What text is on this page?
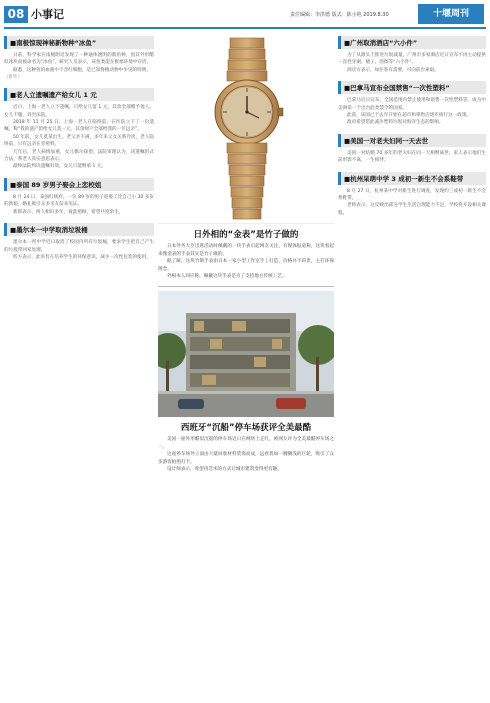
08 小事记	责任编辑：李洪德 版式：陈小艳 2019.8.30	十堰周刊
■南极惊现神秘新物种“冰鱼”

日前，科学家在南极附近发现了一种通体透明的新鱼种，因其外形酷似冰块而被命名为“冰鱼”。研究人员表示，该鱼类能在极寒环境中存活。

据悉，这种鱼的血液中不含红细胞，是已知脊椎动物中少见的特例。

（新华）

■老人立遗嘱遗产给女儿 1 元

近日，上海一老人立下遗嘱，只给女儿留 1 元，其余全部赠予他人。女儿不服，诉至法院。

2018 年 11 月 25 日，上海一老人在临终前，在医院立下了一份遗嘱，称“我的遗产留给女儿莫一元，其余财产全部给我的一位远亲”。

50 年前，女儿莫某出生。老父亲不满，多年来父女关系冷淡。老人临终前，只有远亲在旁照料。

几年后，老人病情加重，女儿偶尔探望。法院审理认为，该遗嘱形式合法，系老人真实意思表示。

最终法院判决遗嘱有效，女儿只能继承 1 元。

■泰国 89 岁男子娶会上恋校姐

8 月 24 日，泰国红统府，一位 89 岁的男子迎娶了比自己小 30 多岁的新娘，婚礼吸引众多亲友前来见证。

新郎表示，两人相识多年，彼此照顾，希望共度余生。

■墨尔本一中学取消垃圾桶

墨尔本一所中学近日取消了校园内所有垃圾桶，要求学生把自己产生的垃圾带回家处理。

校方表示，此举旨在培养学生的环保意识，减少一次性包装的使用。

日外相的“金表”是竹子做的

日本外务大臣出席活动时佩戴的一块手表引起网友关注。有媒体报道称，这块看起来像金表的手表其实是竹子做的。

据了解，这块竹制手表由日本一家小型工作室手工打造，价格并不昂贵，主打环保理念。

外相本人回应称，佩戴这块手表是为了支持地方传统工艺。

西班牙“沉船”停车场获评全美最酷

美国一座外形酷似沉船的停车场近日在网络上走红，被网友评为全美最酷停车场之一。

这座停车场外立面由大量回收材料装饰而成，远看犹如一艘搁浅的巨轮，吸引了众多游客拍照打卡。

设计师表示，希望用艺术的方式让城市建筑变得更有趣。

■广州取消酒店“六小件”

为了从源头上推进垃圾减量，广州市多家酒店近日宣布不再主动提供一次性牙刷、梳子、浴擦等“六小件”。

酒店方表示，如住客有需要，可向前台索取。

■巴拿马宣布全国禁售“一次性塑料”

巴拿马近日宣布，全国范围内禁止使用和销售一次性塑料袋，成为中美洲第一个出台此类禁令的国家。

此前，该国已于去年开始在超市和零售店逐步推行这一政策。

政府希望借此减少塑料垃圾对海洋生态的影响。

■美国一对老夫妇同一天去世

美国一对结婚 70 多年的老夫妇在同一天相继离世，家人表示他们生前形影不离，一生相伴。

■杭州呆萌中学 3 成初一新生不会系鞋带

8 月 27 日，杭州某中学对新生进行调查，发现约三成初一新生不会系鞋带。

老师表示，这反映出部分学生生活自理能力不足，学校将开设相关课程。
